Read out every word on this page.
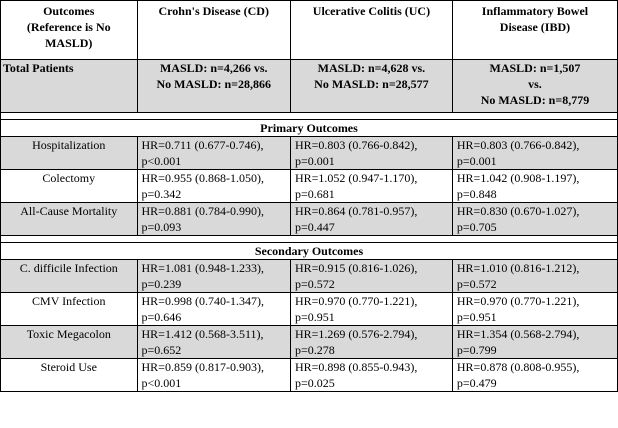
Outcomes
(Reference is No
MASLD)	Crohn's Disease (CD)	Ulcerative Colitis (UC)	Inflammatory Bowel
Disease (IBD)

Total Patients	MASLD: n=4,266 vs.
No MASLD: n=28,866	MASLD: n=4,628 vs.
No MASLD: n=28,577	MASLD: n=1,507
vs.
No MASLD: n=8,779

Primary Outcomes			
Hospitalization	HR=0.711 (0.677-0.746),
p<0.001	HR=0.803 (0.766-0.842),
p=0.001	HR=0.803 (0.766-0.842),
p=0.001

Colectomy	HR=0.955 (0.868-1.050),
p=0.342	HR=1.052 (0.947-1.170),
p=0.681	HR=1.042 (0.908-1.197),
p=0.848

All-Cause Mortality	HR=0.881 (0.784-0.990),
p=0.093	HR=0.864 (0.781-0.957),
p=0.447	HR=0.830 (0.670-1.027),
p=0.705

Secondary Outcomes			
C. difficile Infection	HR=1.081 (0.948-1.233),
p=0.239	HR=0.915 (0.816-1.026),
p=0.572	HR=1.010 (0.816-1.212),
p=0.572

CMV Infection	HR=0.998 (0.740-1.347),
p=0.646	HR=0.970 (0.770-1.221),
p=0.951	HR=0.970 (0.770-1.221),
p=0.951

Toxic Megacolon	HR=1.412 (0.568-3.511),
p=0.652	HR=1.269 (0.576-2.794),
p=0.278	HR=1.354 (0.568-2.794),
p=0.799

Steroid Use	HR=0.859 (0.817-0.903),
p<0.001	HR=0.898 (0.855-0.943),
p=0.025	HR=0.878 (0.808-0.955),
p=0.479
